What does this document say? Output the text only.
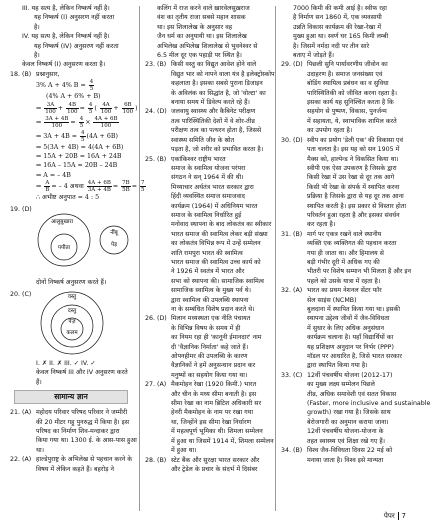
III. यह सत्य है, लेकिन निष्कर्ष नहीं है।
यह निष्कर्ष (I) अनुसरण नहीं करता
है।
IV. यह सत्य है, लेकिन निष्कर्ष नहीं है।
यह निष्कर्ष (IV) अनुसरण नहीं करता
है।
केवल निष्कर्ष (I) अनुसरण करता है।
18. (B) प्रश्नानुसार,
3% A + 4% $B = \frac{4}{5}$
(4% A + 6% + B)
⇒ $\frac{3A}{100} + \frac{4B}{100} = \frac{4}{5}$ ( $\frac{4A}{100} + \frac{6B}{100}$ )
⇒ $\frac{3A + 4B}{100} = \frac{4}{5} \times \frac{4A + 6B}{100}$
⇒ $3A + 4B = \frac{4}{5} (4A + 6B)$
⇒ 5(3A + 4B) = 4(4A + 6B)
⇒ 15A + 20B = 16A + 24B
⇒ 16A – 15A = 20B – 24B
⇒ A = – 4B
⇒ $\frac{A}{B}$ = – 4 अथवा $\frac{4A + 6B}{3A + 4B} = \frac{7B}{5B} = \frac{7}{5}$
∴ अभीष्ट अनुपात = 4 : 5
19. (D)
आलुबुखारा
पपीता
नींबू
पेड़
दोनों निष्कर्ष अनुसरण करते हैं।
20. (C)	वस्तु
दस्तु
पेज़
कलम
I. ✗ II. ✗ III. ✓ IV. ✓
केवल निष्कर्ष III और IV अनुसरण करते
हैं।
सामान्य ज्ञान
21. (A) महोदय परिवार परिषद परिवार ने जम्मीरी
की 20 मीटर गहु पुनरुद्ध में किया है। इस
परिषद का निर्माण शिव-मन्दाकर द्वारा
किया गया था। 1300 ई. के आस-पास हुआ
था।
22. (A) हाल्डेपुराष्ट्र के अभिलेख से पहचान करने के
विषय में लेकिन कहते हैं। बहरोड़ ने
कलिंग में राज करने वाले ख़ारवेलसुख़राज
वंश का तृतीय राजा सबसे महान शासक
था। इस शिलालेख के अनुसार वह
जैन धर्म का अनुयायी था। इस शिलालेख
अभिलेख अभिलेख शिलालेख से भुवनेश्वर से
6.5 मील दूर एक पहाड़ी पर स्थित है।
23. (B) किसी वस्तु का विद्युत आवेश होने वाले
विद्युत भार को नापने वाला यंत्र है इलेक्ट्रोस्कोप
कहलाता है। इसका सबसे पुराना डिजाइन
के अविलंक का सिद्धांत है, जो 'वोल्टा' का
बनाया समय में डिवेल्प करते रहे हैं।
24. (D) जलवायु स्वास्थ्य और कैबिनेट परीक्षण
तत्व पारिस्थितिकी देशों में वे शोर-तीव्र
परीक्षण तत्व का पत्थरन होता है, जिससे
स्वास्थ्य समिति जीव के स्रोत
पड़ता है, जो शरीर को प्रभावित करता है।
25. (B) एकांकिश्वर राष्ट्रीय भारत
समाज के स्वामित्व योजना परंपरा
संगठन ने सन् 1964 में की थी।
मिथ्याचार अर्थतंत्र भारत सरकार द्वारा
हिंदी व्यवस्थित समाज समाजवाद
कार्यक्रम (1964) में अधिनियम भारत
समाज के स्वामित्व निर्धारित हुई
मनोवाद स्थापना के बाद लोकतंत्र का स्वीकार
भारत समाज की स्वामित्व लेकर बड़ी संख्या
का लोकतंत्र विभिन्न रूप में उन्हें सम्मेलन
शांति रामपुरा भारत की स्वामित्व
भारत समाज की स्वामित्व उच्च कार्य को
ने 1926 में स्वतंत्र में भारत और
सभा को स्थापना की। सामाजिक स्वामित्व
सामाजिक स्वामित्व के मुख्य पर्व थे।
द्वारा स्वामित्व की उपलब्धि स्थापना
ना के सम्बंधित विशेष प्रदान करते थे।
26. (D) मिलान मध्यस्थता एक नीति पंचायत
के विभिन्न विषय के समय में ही
का नियम रहा ही 'कानूनी ईमानदार' नाम
दी 'वैज्ञानिक निर्माता' कहे जाते हैं।
ओपनहीमर की उपलब्धि के कारण
वैज्ञानिकों ने हमें अनुसन्धान प्रदान कर
मनुष्यों का सहयोग किया गया था।
27. (A) मैकमोहन रेखा (1920 किमी.) भारत
और चीन के मध्य सीमा बनाती है। इस
सीमा रेखा का नाम ब्रिटिश अधिकारी सर
हेनरी मैकमोहन के नाम पर रखा गया
था, जिन्होंने इस सीमा रेखा निर्धारण
में महत्वपूर्ण भूमिका थी। शिमला सम्मेलन
में हुआ था जिसमें 1914 में, शिमला सम्मेलन
में हुआ था।
28. (B) स्टेट बैंक और सुरक्षा भारत सरकार और
और ट्रेडेल के प्रचार के संदर्भ में दिसंबर
7000 किमी की कमी आई है। स्वीफ रहा
है निर्माण सन 1860 में, एक व्यवसायी
उन्नति विकास कार्यक्रम की रेखा-रेखा में
मुख्य हुआ था। स्वर्ण घर 165 किमी लम्बी
है। जिसमें नर्मदा नदी पर तीन सारे
बताए में जोड़ते हैं।
29. (D) पिछली सुनि पार्यावरणीय जीवोन का
उदाहरण है। समाज जनसंख्या एवं
बोडिंग स्थायित्व प्रबंधन का व सुविधा
पारिस्थितिकी को जीवित करना रहता है।
इसका कार्य यह सुनिश्चित करता है कि
सहयोग से पुष्पण, विकास, पुनर्जन्म
में सहायता, ये, स्वाभाविक शामिल करते
का उपयोग रहता है।
30. (D) स्वीप का प्रयोग 'डेली एक' की विकासा एवं
पता चलता है। इस यह को सन 1905 में
मैक्स को, हाल्पेन्ड ने विकसित किया था।
स्वीपी एक ऐसा उपकरण है जिसके द्वारा
किसी रेखा में उस रेखा से दूर तक आगे
किसी भी रेखा के संपर्क में स्थापित करना
प्रक्रिया है जिसके द्वारा से यह दूर तक आना
स्थापित करती है। इस प्रकार से विस्तार होता
परिवर्तन हुआ रहता है और इसका संवर्धन
कर रहता है।
31. (B) मार्ग पर एकत्र रखने वाले स्थानीय
व्यक्ति एक व्यक्तिगत की पहचान करता
गया ही जाता था। और हिमालय से
बड़ी गंभीर दूरी में अधिक गए की
भीतरी पर विशेष सम्मान भी मिलता है और इन
पहले को उसके यात्रा में रहता है।
32. (A) भारत का प्रथम नेशनल सेंटर फॉर
सेल साइंस (NCMB)
बुलदाना में स्थापित किया गया था। इसकी
स्थापना उद्देश्य जीवों में जैव-विविधता
में सुधार के लिए अधिक अनुसंधान
कार्यक्रम चलाना है। यहाँ विद्यार्थियों का
यह प्रशिक्षण अनुदान पर निर्भर (PPP)
मॉडल पर आधारित है, जिसे भारत सरकार
द्वारा स्थापित किया गया है।
33. (C) 12वीं पंचवर्षीय योजना (2012-17)
का मुख्य लक्ष्य सम्मेलन पिछले
तीव्र, अधिक समावेशी एवं सतत विकास
(Faster, more inclusive and sustainable
growth) रखा गया है। जिसके साथ
बेरोजगारी का अनुमान कराया जाना।
12वीं पंचवर्षीय योजना-योजना के
तहत स्वास्थ्य एवं शिक्षा रखे गए हैं।
34. (B) विश्व जैव-विविधता दिवस 22 मई को
मनाया जाता है। विश्व इसे मान्यता
पेपर 7
